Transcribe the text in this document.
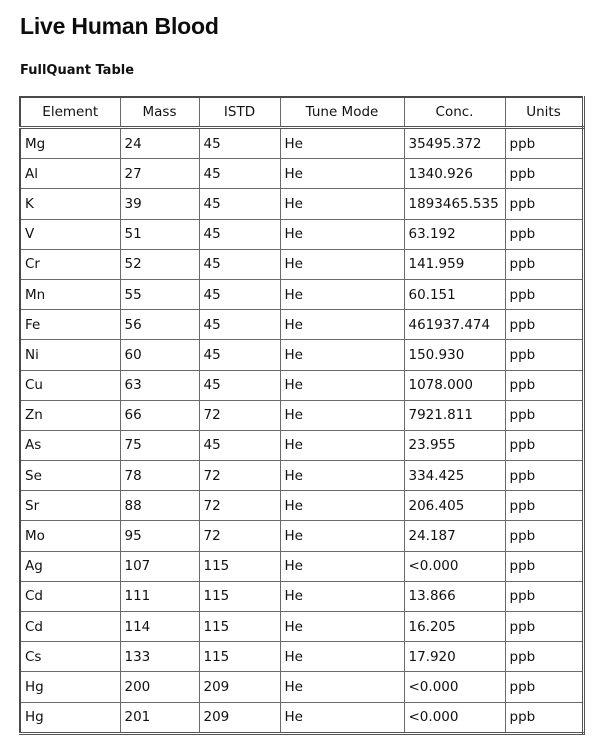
Live Human Blood
FullQuant Table
Element	Mass	ISTD	Tune Mode	Conc.	Units
Mg	24	45	He	35495.372	ppb
Al	27	45	He	1340.926	ppb
K	39	45	He	1893465.535	ppb
V	51	45	He	63.192	ppb
Cr	52	45	He	141.959	ppb
Mn	55	45	He	60.151	ppb
Fe	56	45	He	461937.474	ppb
Ni	60	45	He	150.930	ppb
Cu	63	45	He	1078.000	ppb
Zn	66	72	He	7921.811	ppb
As	75	45	He	23.955	ppb
Se	78	72	He	334.425	ppb
Sr	88	72	He	206.405	ppb
Mo	95	72	He	24.187	ppb
Ag	107	115	He	<0.000	ppb
Cd	111	115	He	13.866	ppb
Cd	114	115	He	16.205	ppb
Cs	133	115	He	17.920	ppb
Hg	200	209	He	<0.000	ppb
Hg	201	209	He	<0.000	ppb
